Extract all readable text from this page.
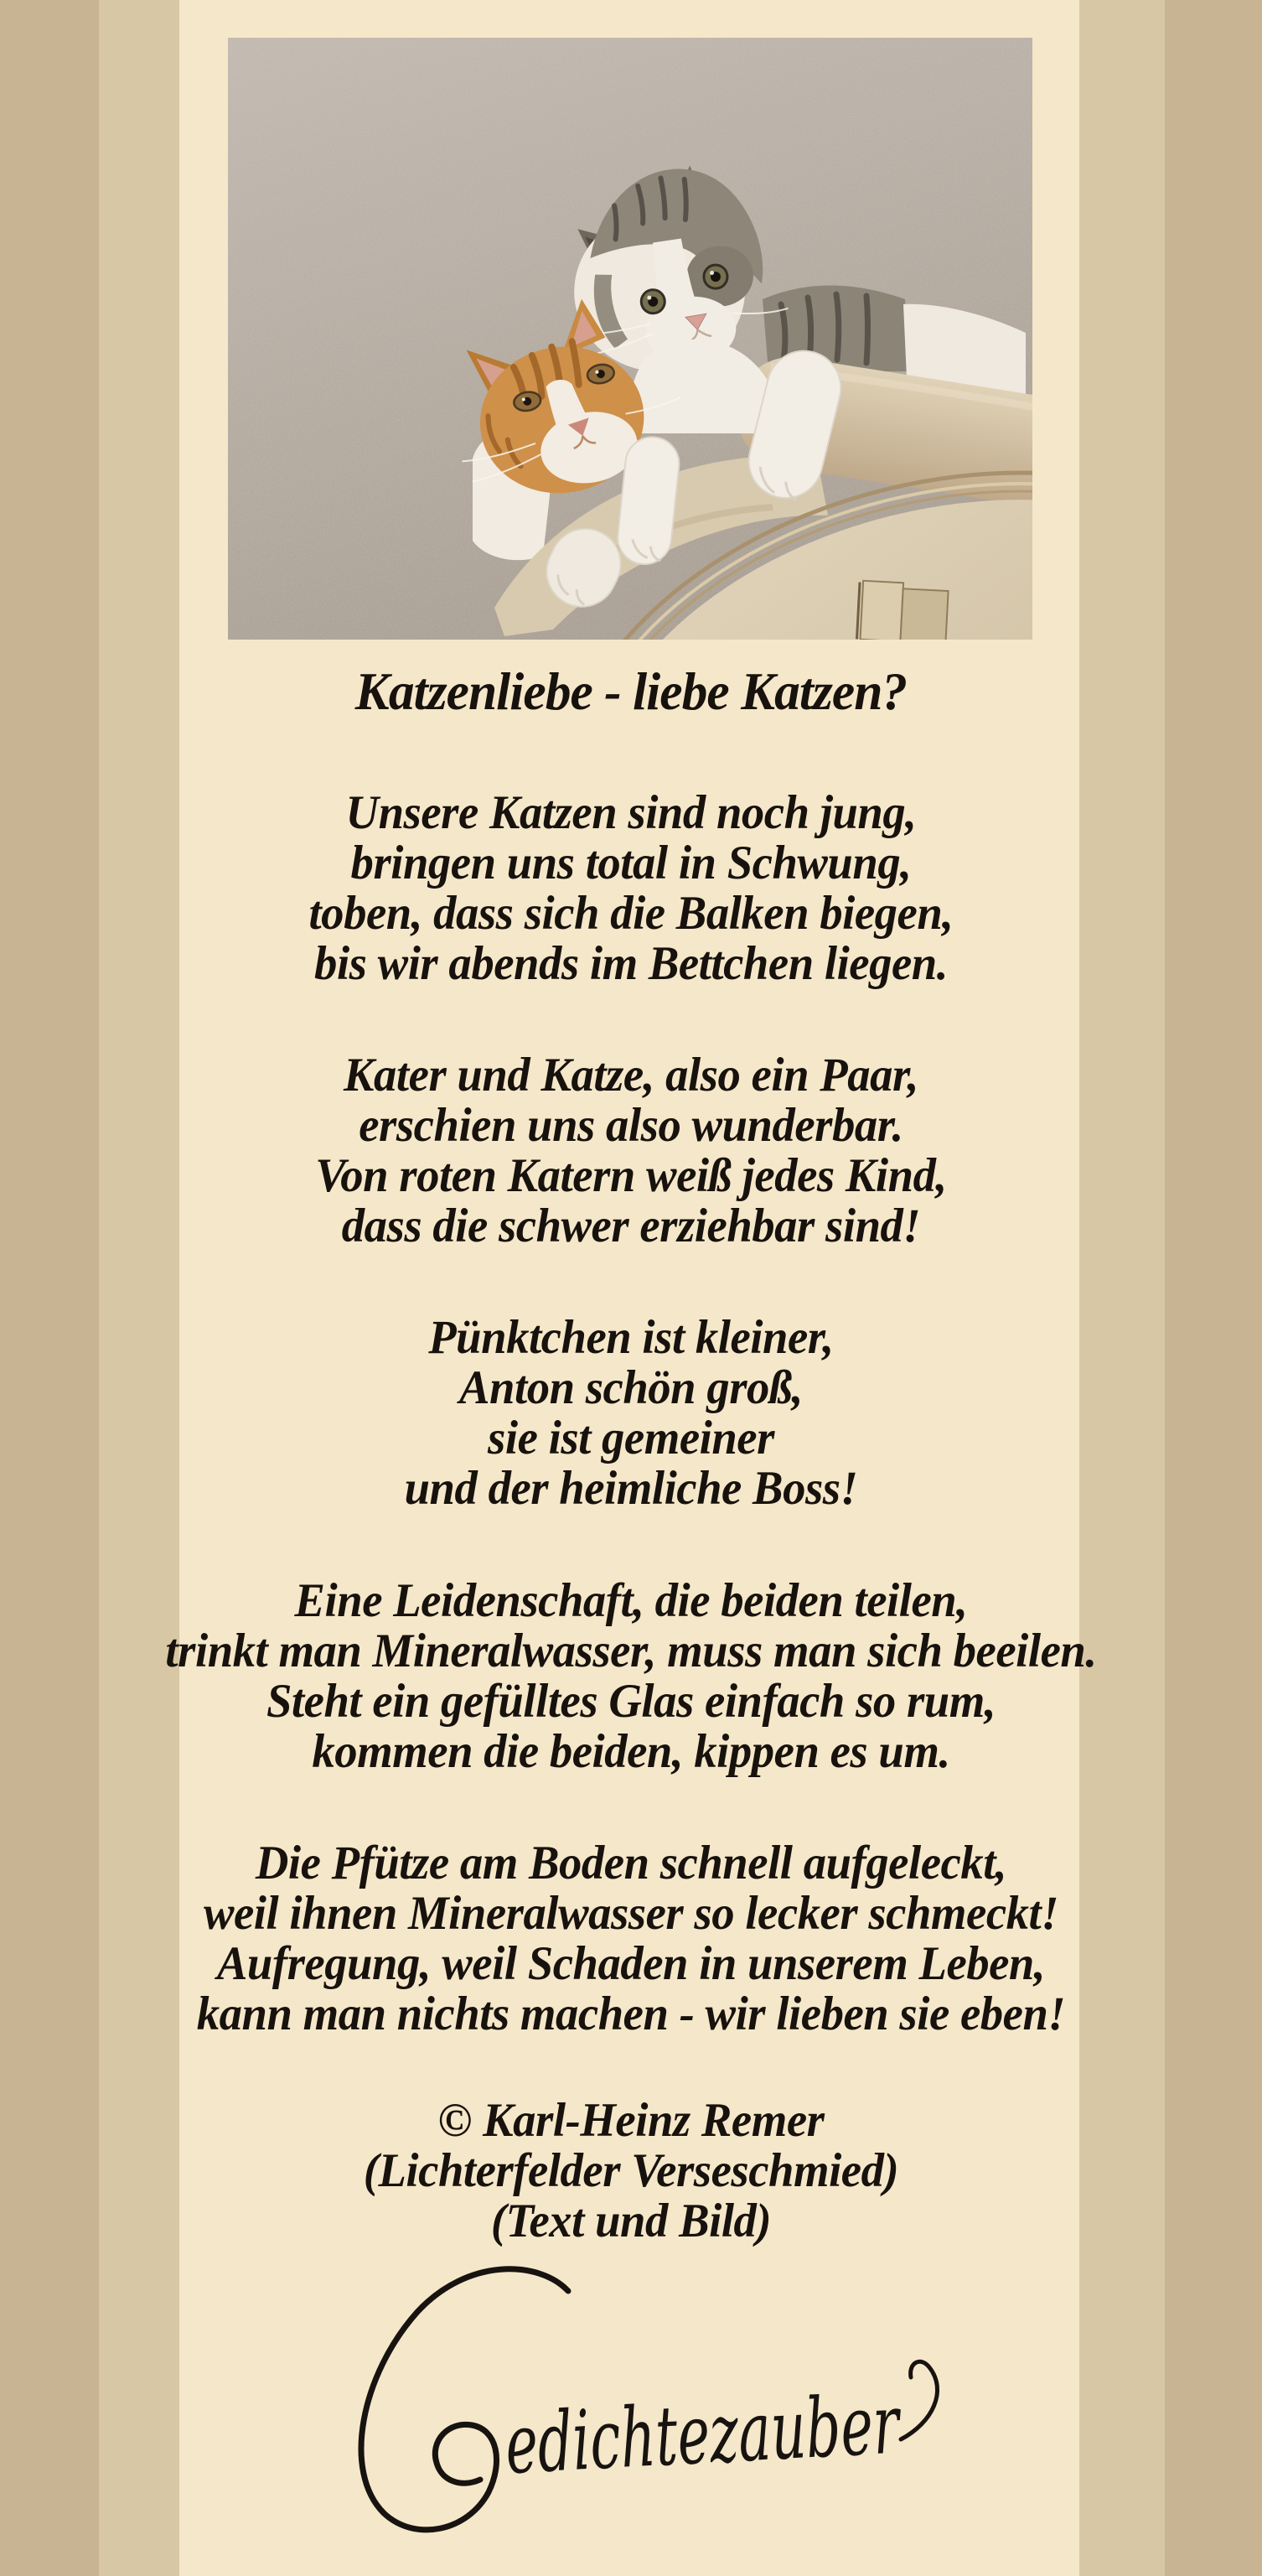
Katzenliebe - liebe Katzen?
Unsere Katzen sind noch jung,
bringen uns total in Schwung,
toben, dass sich die Balken biegen,
bis wir abends im Bettchen liegen.
Kater und Katze, also ein Paar,
erschien uns also wunderbar.
Von roten Katern weiß jedes Kind,
dass die schwer erziehbar sind!
Pünktchen ist kleiner,
Anton schön groß,
sie ist gemeiner
und der heimliche Boss!
Eine Leidenschaft, die beiden teilen,
trinkt man Mineralwasser, muss man sich beeilen.
Steht ein gefülltes Glas einfach so rum,
kommen die beiden, kippen es um.
Die Pfütze am Boden schnell aufgeleckt,
weil ihnen Mineralwasser so lecker schmeckt!
Aufregung, weil Schaden in unserem Leben,
kann man nichts machen - wir lieben sie eben!
© Karl-Heinz Remer
(Lichterfelder Verseschmied)
(Text und Bild)
edichtezauber
